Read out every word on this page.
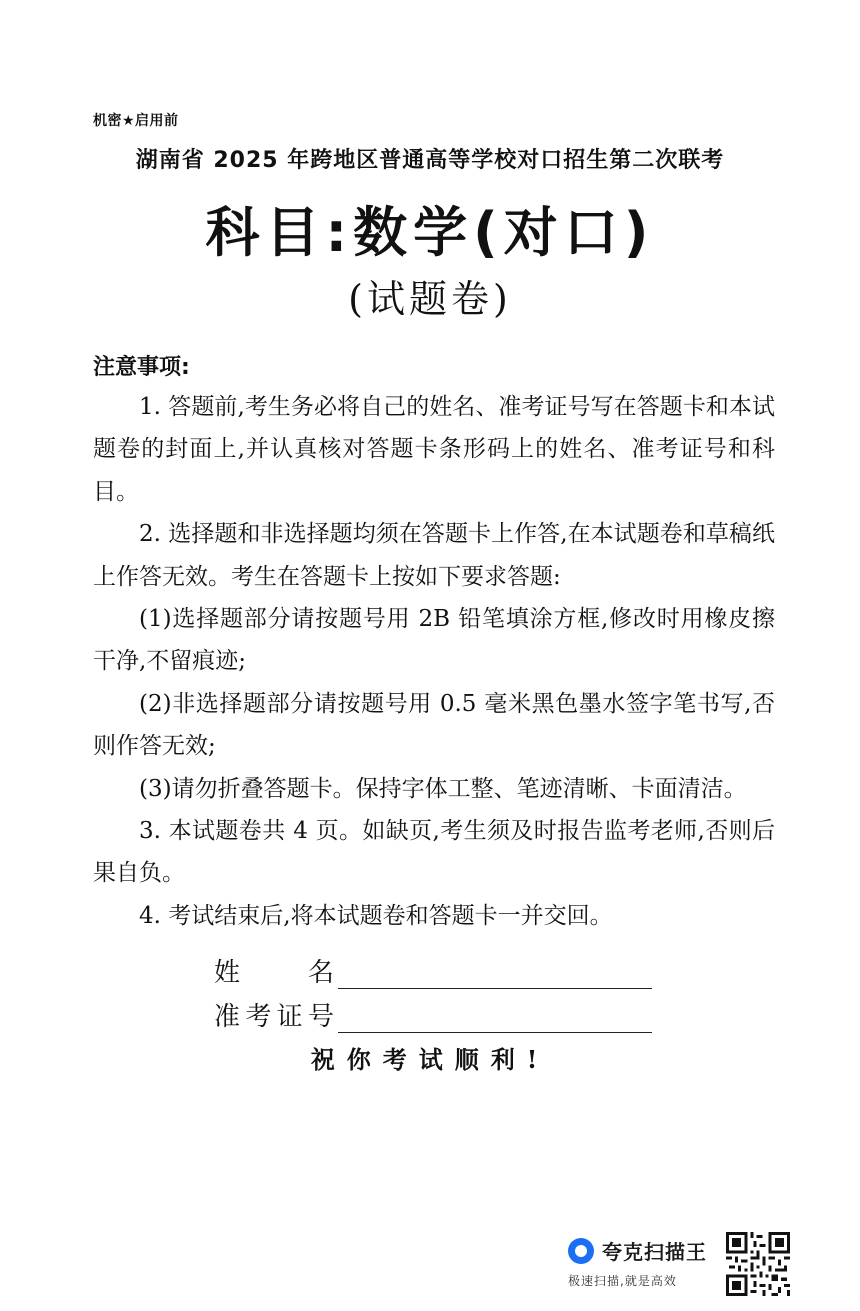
机密★启用前
湖南省 2025 年跨地区普通高等学校对口招生第二次联考
科目:数学(对口)
(试题卷)
注意事项:

1. 答题前,考生务必将自己的姓名、准考证号写在答题卡和本试题卷的封面上,并认真核对答题卡条形码上的姓名、准考证号和科目。

2. 选择题和非选择题均须在答题卡上作答,在本试题卷和草稿纸上作答无效。考生在答题卡上按如下要求答题:

(1)选择题部分请按题号用 2B 铅笔填涂方框,修改时用橡皮擦干净,不留痕迹;

(2)非选择题部分请按题号用 0.5 毫米黑色墨水签字笔书写,否则作答无效;

(3)请勿折叠答题卡。保持字体工整、笔迹清晰、卡面清洁。

3. 本试题卷共 4 页。如缺页,考生须及时报告监考老师,否则后果自负。

4. 考试结束后,将本试题卷和答题卡一并交回。

姓名
准考证号
祝你考试顺利!
夸克扫描王
极速扫描,就是高效
